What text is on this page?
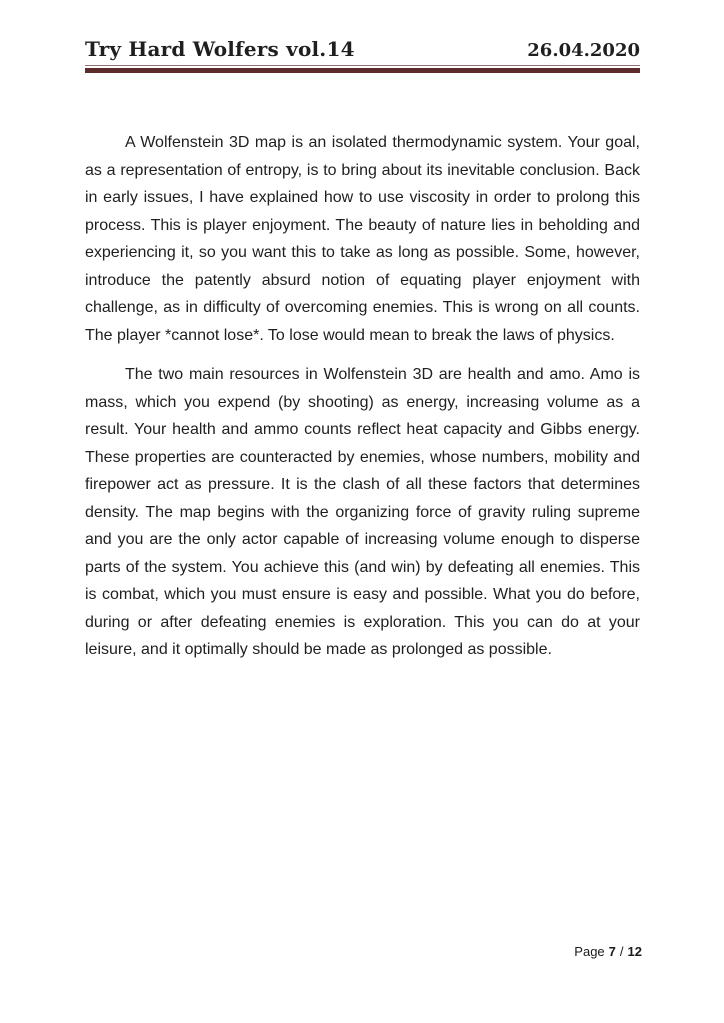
Try Hard Wolfers vol.14	26.04.2020

A Wolfenstein 3D map is an isolated thermodynamic system. Your goal, as a representation of entropy, is to bring about its inevitable conclusion. Back in early issues, I have explained how to use viscosity in order to prolong this process. This is player enjoyment. The beauty of nature lies in beholding and experiencing it, so you want this to take as long as possible. Some, however, introduce the patently absurd notion of equating player enjoyment with challenge, as in difficulty of overcoming enemies. This is wrong on all counts. The player *cannot lose*. To lose would mean to break the laws of physics.

The two main resources in Wolfenstein 3D are health and amo. Amo is mass, which you expend (by shooting) as energy, increasing volume as a result. Your health and ammo counts reflect heat capacity and Gibbs energy. These properties are counteracted by enemies, whose numbers, mobility and firepower act as pressure. It is the clash of all these factors that determines density. The map begins with the organizing force of gravity ruling supreme and you are the only actor capable of increasing volume enough to disperse parts of the system. You achieve this (and win) by defeating all enemies. This is combat, which you must ensure is easy and possible. What you do before, during or after defeating enemies is exploration. This you can do at your leisure, and it optimally should be made as prolonged as possible.

Page 7 / 12
